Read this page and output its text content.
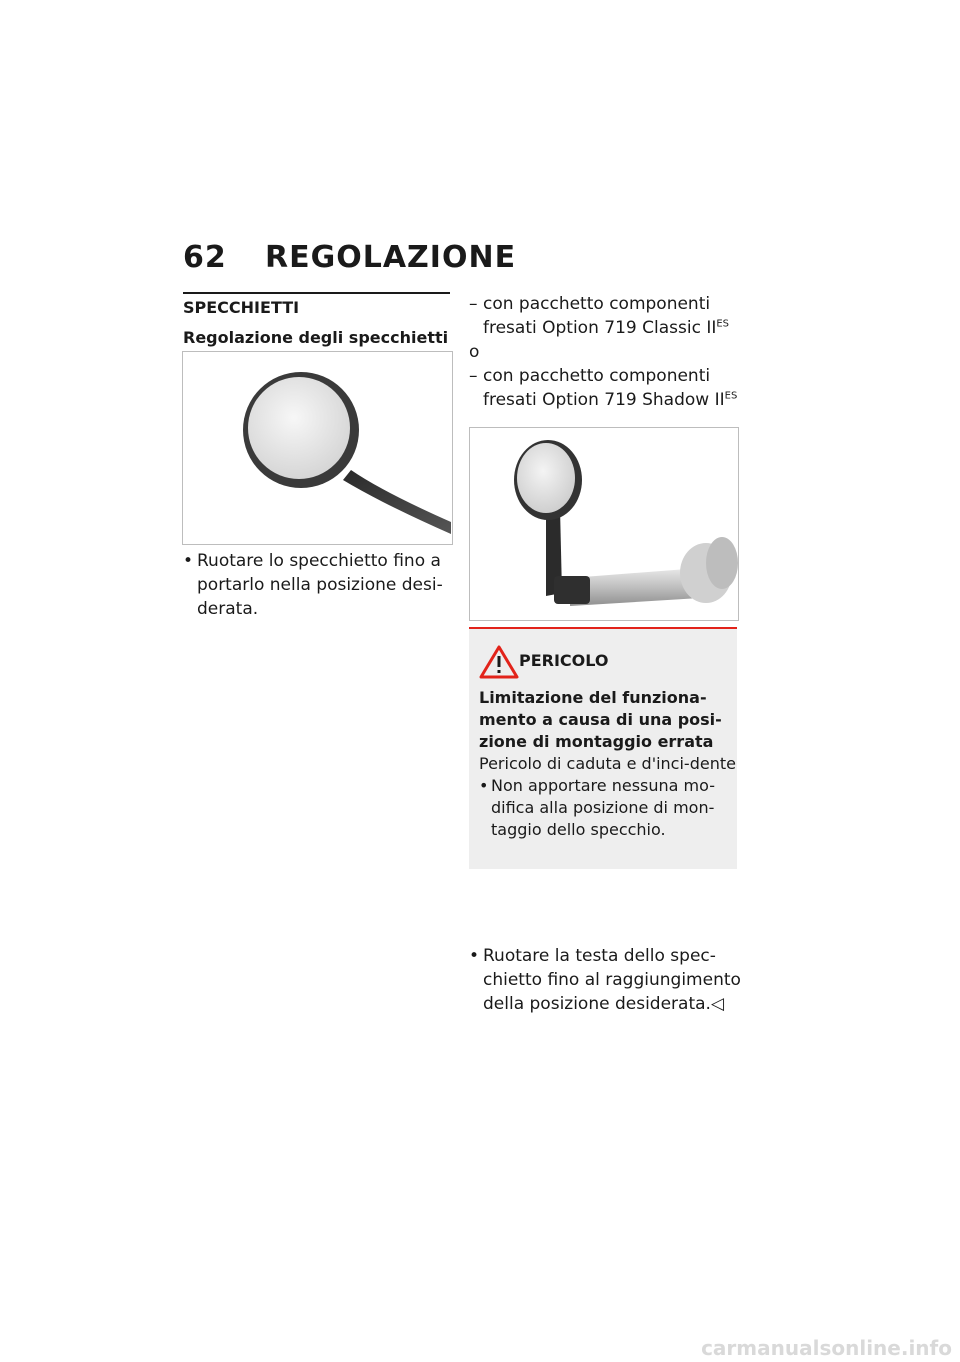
62 REGOLAZIONE
SPECCHIETTI
Regolazione degli specchietti
• Ruotare lo specchietto fino a portarlo nella posizione desi-derata.
– con pacchetto componenti fresati Option 719 Classic $II^{ES}$
o
– con pacchetto componenti fresati Option 719 Shadow $II^{ES}$
PERICOLO
Limitazione del funziona-mento a causa di una posi-zione di montaggio errata
Pericolo di caduta e d'inci-dente
• Non apportare nessuna mo-difica alla posizione di mon-taggio dello specchio.
• Ruotare la testa dello spec-chietto fino al raggiungimento della posizione desiderata.◁
carmanualsonline.info
